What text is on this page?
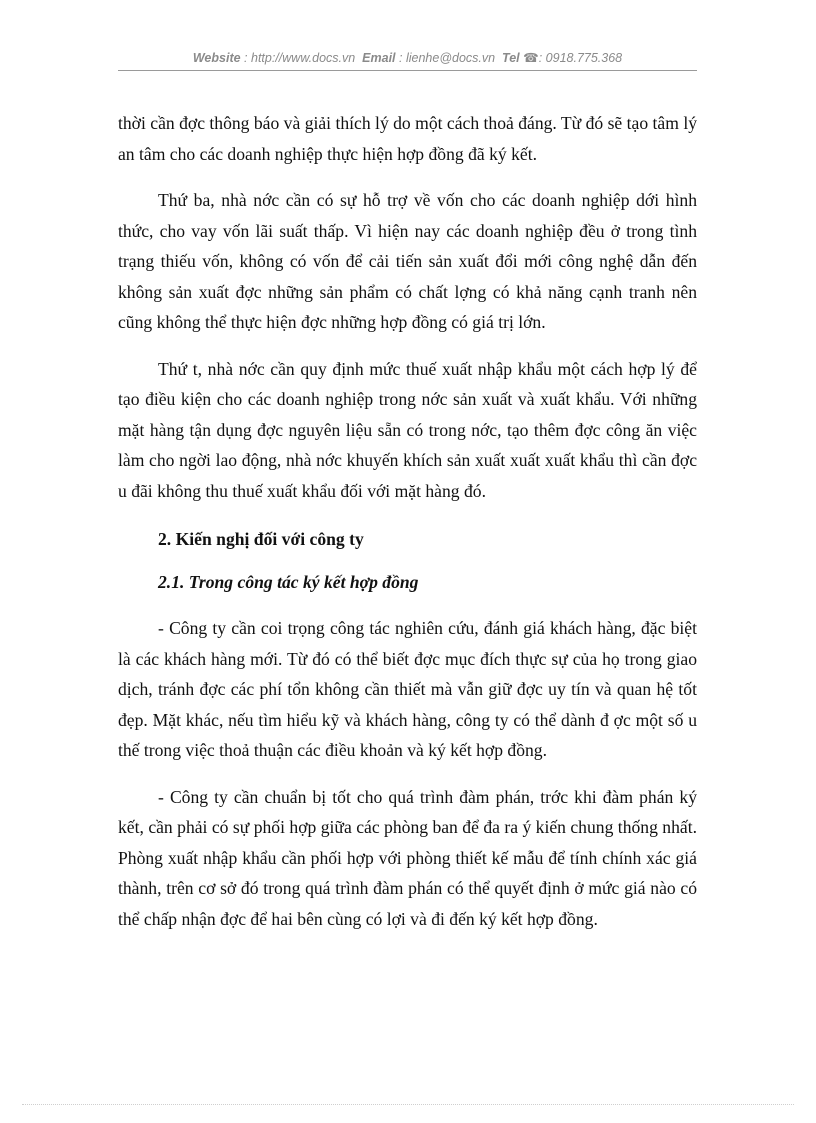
Website : http://www.docs.vn Email : lienhe@docs.vn Tel ☎: 0918.775.368

thời cần đợc thông báo và giải thích lý do một cách thoả đáng. Từ đó sẽ tạo tâm lý an tâm cho các doanh nghiệp thực hiện hợp đồng đã ký kết.

Thứ ba, nhà nớc cần có sự hỗ trợ về vốn cho các doanh nghiệp dới hình thức, cho vay vốn lãi suất thấp. Vì hiện nay các doanh nghiệp đều ở trong tình trạng thiếu vốn, không có vốn để cải tiến sản xuất đổi mới công nghệ dẫn đến không sản xuất đợc những sản phẩm có chất lợng có khả năng cạnh tranh nên cũng không thể thực hiện đợc những hợp đồng có giá trị lớn.

Thứ t, nhà nớc cần quy định mức thuế xuất nhập khẩu một cách hợp lý để tạo điều kiện cho các doanh nghiệp trong nớc sản xuất và xuất khẩu. Với những mặt hàng tận dụng đợc nguyên liệu sẵn có trong nớc, tạo thêm đợc công ăn việc làm cho ngời lao động, nhà nớc khuyến khích sản xuất xuất xuất khẩu thì cần đợc u đãi không thu thuế xuất khẩu đối với mặt hàng đó.

2. Kiến nghị đối với công ty

2.1. Trong công tác ký kết hợp đồng

- Công ty cần coi trọng công tác nghiên cứu, đánh giá khách hàng, đặc biệt là các khách hàng mới. Từ đó có thể biết đợc mục đích thực sự của họ trong giao dịch, tránh đợc các phí tổn không cần thiết mà vẫn giữ đợc uy tín và quan hệ tốt đẹp. Mặt khác, nếu tìm hiểu kỹ và khách hàng, công ty có thể dành đ ợc một số u thế trong việc thoả thuận các điều khoản và ký kết hợp đồng.

- Công ty cần chuẩn bị tốt cho quá trình đàm phán, trớc khi đàm phán ký kết, cần phải có sự phối hợp giữa các phòng ban để đa ra ý kiến chung thống nhất. Phòng xuất nhập khẩu cần phối hợp với phòng thiết kế mẫu để tính chính xác giá thành, trên cơ sở đó trong quá trình đàm phán có thể quyết định ở mức giá nào có thể chấp nhận đợc để hai bên cùng có lợi và đi đến ký kết hợp đồng.
